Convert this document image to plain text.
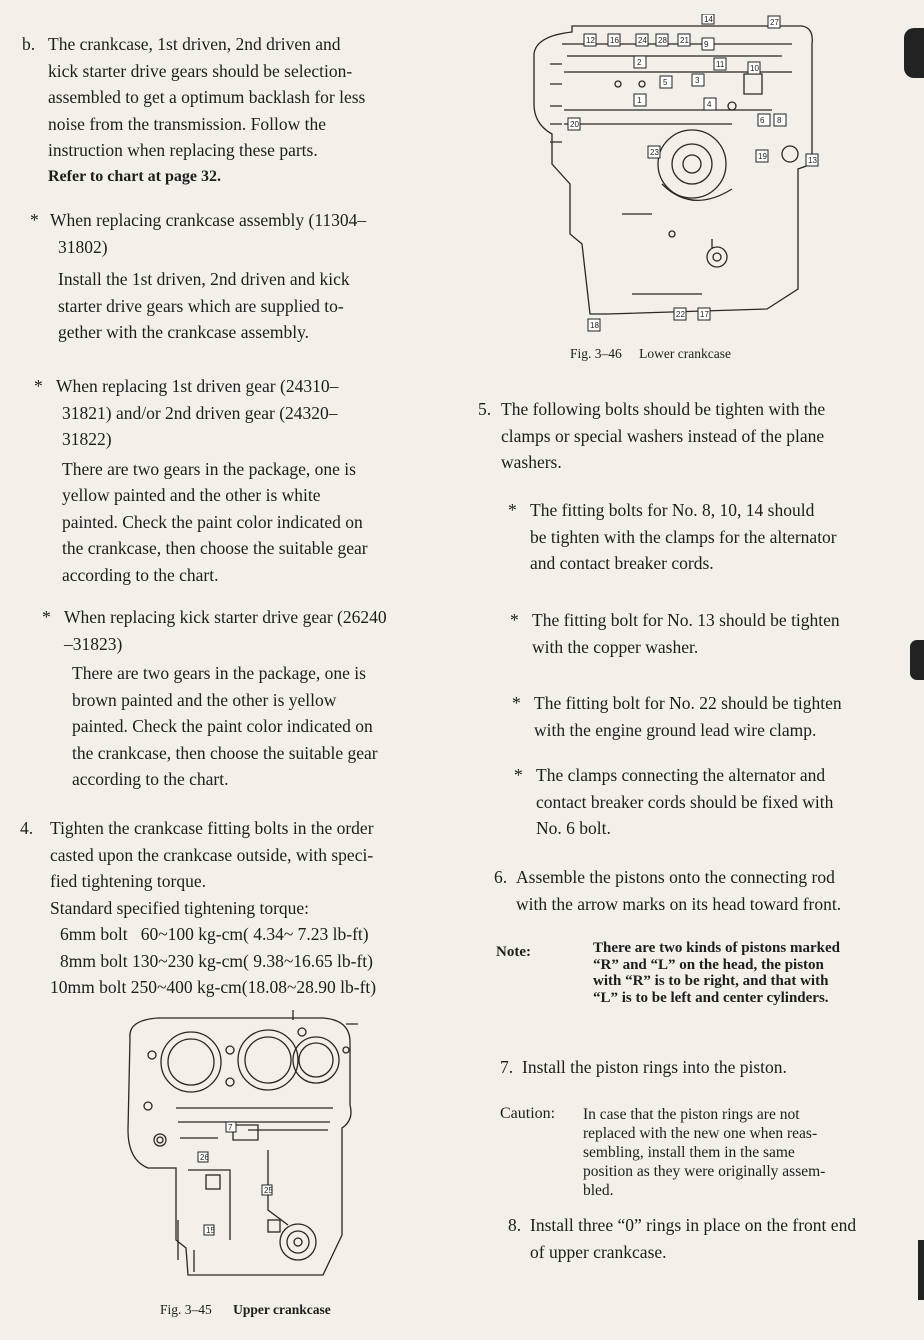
b. The crankcase, 1st driven, 2nd driven and
kick starter drive gears should be selection-
assembled to get a optimum backlash for less
noise from the transmission. Follow the
instruction when replacing these parts.
Refer to chart at page 32.
* When replacing crankcase assembly (11304–
31802)
Install the 1st driven, 2nd driven and kick
starter drive gears which are supplied to-
gether with the crankcase assembly.
* When replacing 1st driven gear (24310–
31821) and/or 2nd driven gear (24320–
31822)
There are two gears in the package, one is
yellow painted and the other is white
painted. Check the paint color indicated on
the crankcase, then choose the suitable gear
according to the chart.
* When replacing kick starter drive gear (26240
–31823)
There are two gears in the package, one is
brown painted and the other is yellow
painted. Check the paint color indicated on
the crankcase, then choose the suitable gear
according to the chart.
4. Tighten the crankcase fitting bolts in the order
casted upon the crankcase outside, with speci-
fied tightening torque.
Standard specified tightening torque:
6mm bolt   60~100 kg-cm( 4.34~ 7.23 lb-ft)
8mm bolt 130~230 kg-cm( 9.38~16.65 lb-ft)
10mm bolt 250~400 kg-cm(18.08~28.90 lb-ft)
7
26
25
15
Fig. 3–45 Upper crankcase
14	27
12 16 24 28 21 9
11	10
2
5	3
1	4
6
20	8
19	13
18
22 17
23
Fig. 3–46 Lower crankcase
5. The following bolts should be tighten with the
clamps or special washers instead of the plane
washers.
* The fitting bolts for No. 8, 10, 14 should
be tighten with the clamps for the alternator
and contact breaker cords.
* The fitting bolt for No. 13 should be tighten
with the copper washer.
* The fitting bolt for No. 22 should be tighten
with the engine ground lead wire clamp.
* The clamps connecting the alternator and
contact breaker cords should be fixed with
No. 6 bolt.
6. Assemble the pistons onto the connecting rod
with the arrow marks on its head toward front.
Note:	There are two kinds of pistons marked
“R” and “L” on the head, the piston
with “R” is to be right, and that with
“L” is to be left and center cylinders.
7. Install the piston rings into the piston.
Caution: In case that the piston rings are not
replaced with the new one when reas-
sembling, install them in the same
position as they were originally assem-
bled.
8. Install three “0” rings in place on the front end
of upper crankcase.
